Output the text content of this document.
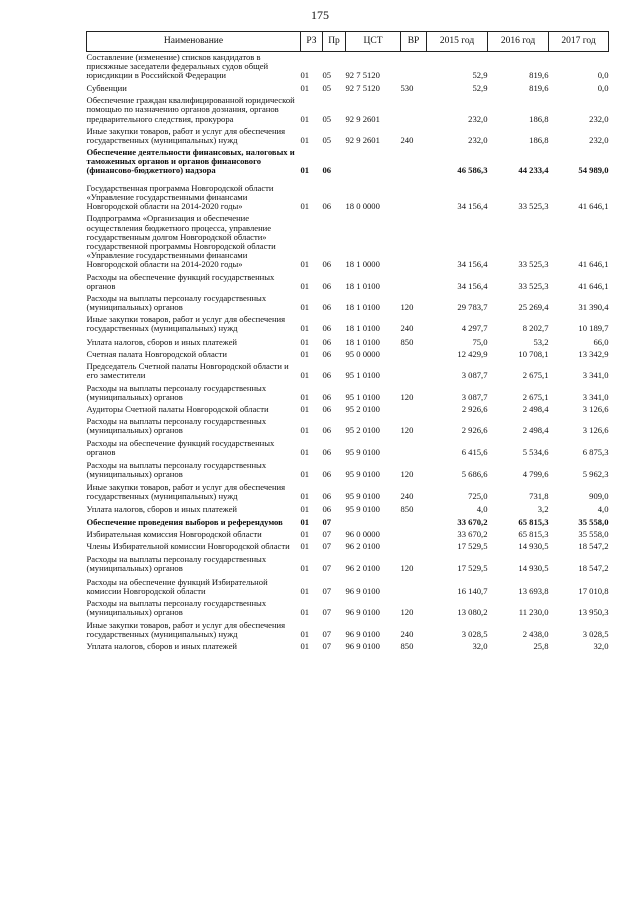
175
Наименование	РЗ	Пр	ЦСТ	ВР	2015 год	2016 год	2017 год
Составление (изменение) списков кандидатов в присяжные заседатели федеральных судов общей юрисдикции в Российской Федерации	01	05	92 7 5120		52,9	819,6	0,0
Субвенции	01	05	92 7 5120	530	52,9	819,6	0,0
Обеспечение граждан квалифицированной юридической помощью по назначению органов дознания, органов предварительного следствия, прокурора	01	05	92 9 2601		232,0	186,8	232,0
Иные закупки товаров, работ и услуг для обеспечения государственных (муниципальных) нужд	01	05	92 9 2601	240	232,0	186,8	232,0
Обеспечение деятельности финансовых, налоговых и таможенных органов и органов финансового (финансово-бюджетного) надзора	01	06			46 586,3	44 233,4	54 989,0
Государственная программа Новгородской области «Управление государственными финансами Новгородской области на 2014-2020 годы»	01	06	18 0 0000		34 156,4	33 525,3	41 646,1
Подпрограмма «Организация и обеспечение осуществления бюджетного процесса, управление государственным долгом Новгородской области» государственной программы Новгородской области «Управление государственными финансами Новгородской области на 2014-2020 годы»	01	06	18 1 0000		34 156,4	33 525,3	41 646,1
Расходы на обеспечение функций государственных органов	01	06	18 1 0100		34 156,4	33 525,3	41 646,1
Расходы на выплаты персоналу государственных (муниципальных) органов	01	06	18 1 0100	120	29 783,7	25 269,4	31 390,4
Иные закупки товаров, работ и услуг для обеспечения государственных (муниципальных) нужд	01	06	18 1 0100	240	4 297,7	8 202,7	10 189,7
Уплата налогов, сборов и иных платежей	01	06	18 1 0100	850	75,0	53,2	66,0
Счетная палата Новгородской области	01	06	95 0 0000		12 429,9	10 708,1	13 342,9
Председатель Счетной палаты Новгородской области и его заместители	01	06	95 1 0100		3 087,7	2 675,1	3 341,0
Расходы на выплаты персоналу государственных (муниципальных) органов	01	06	95 1 0100	120	3 087,7	2 675,1	3 341,0
Аудиторы Счетной палаты Новгородской области	01	06	95 2 0100		2 926,6	2 498,4	3 126,6
Расходы на выплаты персоналу государственных (муниципальных) органов	01	06	95 2 0100	120	2 926,6	2 498,4	3 126,6
Расходы на обеспечение функций государственных органов	01	06	95 9 0100		6 415,6	5 534,6	6 875,3
Расходы на выплаты персоналу государственных (муниципальных) органов	01	06	95 9 0100	120	5 686,6	4 799,6	5 962,3
Иные закупки товаров, работ и услуг для обеспечения государственных (муниципальных) нужд	01	06	95 9 0100	240	725,0	731,8	909,0
Уплата налогов, сборов и иных платежей	01	06	95 9 0100	850	4,0	3,2	4,0
Обеспечение проведения выборов и референдумов	01	07			33 670,2	65 815,3	35 558,0
Избирательная комиссия Новгородской области	01	07	96 0 0000		33 670,2	65 815,3	35 558,0
Члены Избирательной комиссии Новгородской области	01	07	96 2 0100		17 529,5	14 930,5	18 547,2
Расходы на выплаты персоналу государственных (муниципальных) органов	01	07	96 2 0100	120	17 529,5	14 930,5	18 547,2
Расходы на обеспечение функций Избирательной комиссии Новгородской области	01	07	96 9 0100		16 140,7	13 693,8	17 010,8
Расходы на выплаты персоналу государственных (муниципальных) органов	01	07	96 9 0100	120	13 080,2	11 230,0	13 950,3
Иные закупки товаров, работ и услуг для обеспечения государственных (муниципальных) нужд	01	07	96 9 0100	240	3 028,5	2 438,0	3 028,5
Уплата налогов, сборов и иных платежей	01	07	96 9 0100	850	32,0	25,8	32,0
